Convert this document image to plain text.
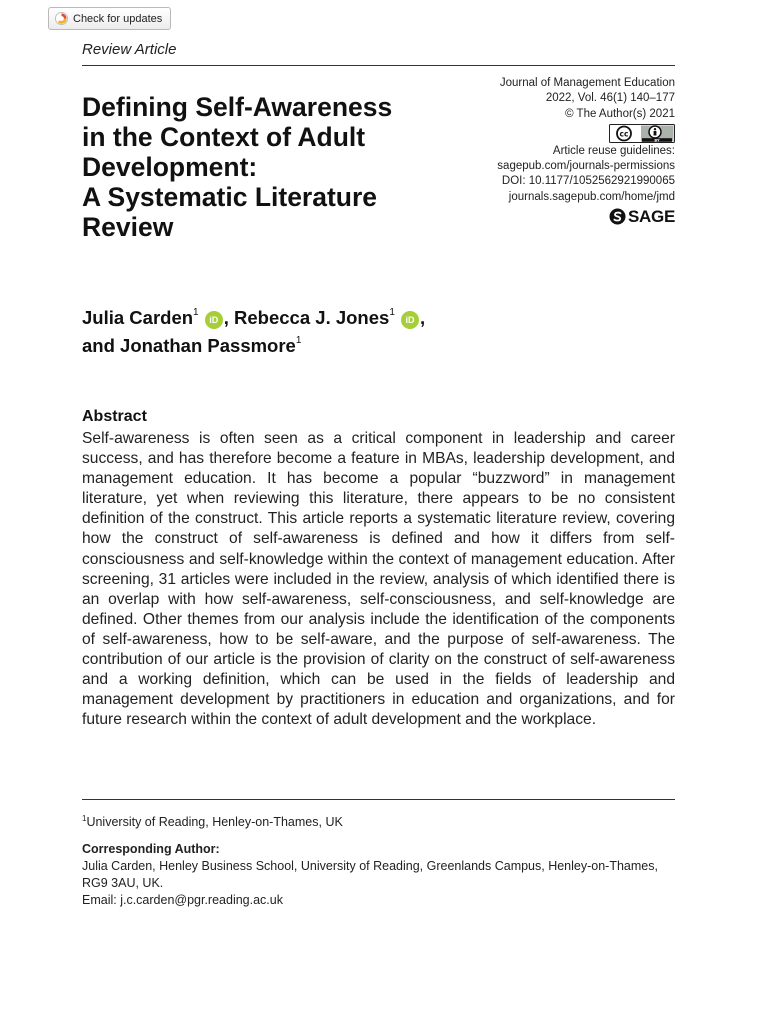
Check for updates
Review Article
Defining Self-Awareness
in the Context of Adult
Development:
A Systematic Literature
Review
Journal of Management Education
2022, Vol. 46(1) 140–177
© The Author(s) 2021
cc
BY
Article reuse guidelines:
sagepub.com/journals-permissions
DOI: 10.1177/1052562921990065
journals.sagepub.com/home/jmd
SAGE
Julia Carden$^1$ iD , Rebecca J. Jones$^1$ iD ,
and Jonathan Passmore$^1$
Abstract

Self-awareness is often seen as a critical component in leadership and career success, and has therefore become a feature in MBAs, leadership development, and management education. It has become a popular “buzzword” in management literature, yet when reviewing this literature, there appears to be no consistent definition of the construct. This article reports a systematic literature review, covering how the construct of self-awareness is defined and how it differs from self-consciousness and self-knowledge within the context of management education. After screening, 31 articles were included in the review, analysis of which identified there is an overlap with how self-awareness, self-consciousness, and self-knowledge are defined. Other themes from our analysis include the identification of the components of self-awareness, how to be self-aware, and the purpose of self-awareness. The contribution of our article is the provision of clarity on the construct of self-awareness and a working definition, which can be used in the fields of leadership and management development by practitioners in education and organizations, and for future research within the context of adult development and the workplace.

$^1$University of Reading, Henley-on-Thames, UK
Corresponding Author:
Julia Carden, Henley Business School, University of Reading, Greenlands Campus, Henley-on-Thames, RG9 3AU, UK.
Email: j.c.carden@pgr.reading.ac.uk
